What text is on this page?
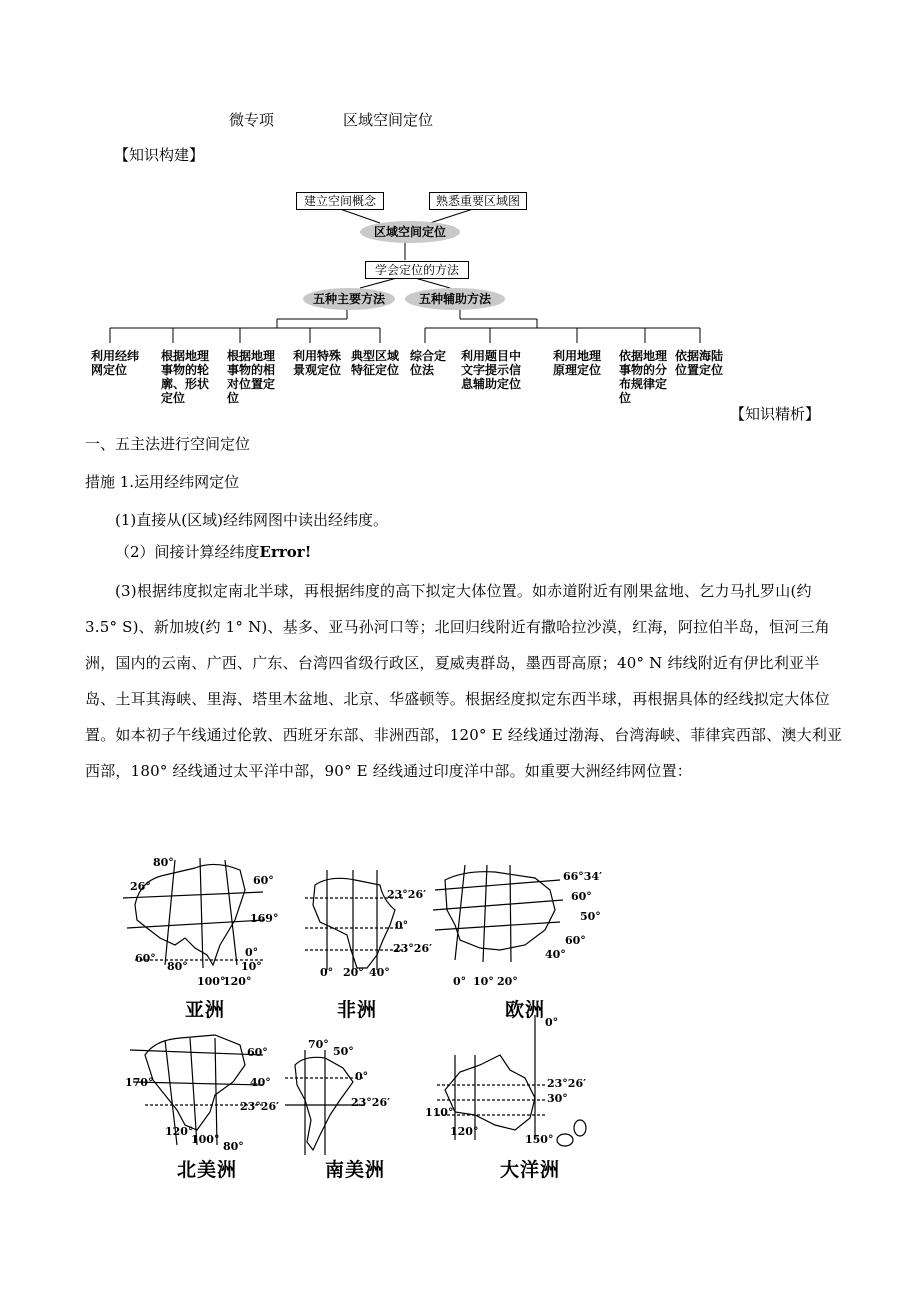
微专项	区域空间定位
【知识构建】
建立空间概念	熟悉重要区域图
区域空间定位
学会定位的方法
五种主要方法	五种辅助方法
利用经纬网定位
根据地理事物的轮廓、形状定位
根据地理事物的相对位置定位
利用特殊景观定位
典型区域特征定位
综合定位法
利用题目中文字提示信息辅助定位
利用地理原理定位
依据地理事物的分布规律定位
依据海陆位置定位
【知识精析】
一、五主法进行空间定位
措施 1.运用经纬网定位
(1)直接从(区域)经纬网图中读出经纬度。
（2）间接计算经纬度Error!
(3)根据纬度拟定南北半球，再根据纬度的高下拟定大体位置。如赤道附近有刚果盆地、乞力马扎罗山(约 3.5° S)、新加坡(约 1° N)、基多、亚马孙河口等；北回归线附近有撒哈拉沙漠，红海，阿拉伯半岛，恒河三角洲，国内的云南、广西、广东、台湾四省级行政区，夏威夷群岛，墨西哥高原；40° N 纬线附近有伊比利亚半岛、土耳其海峡、里海、塔里木盆地、北京、华盛顿等。根据经度拟定东西半球，再根据具体的经线拟定大体位置。如本初子午线通过伦敦、西班牙东部、非洲西部，120° E 经线通过渤海、台湾海峡、菲律宾西部、澳大利亚西部，180° 经线通过太平洋中部，90° E 经线通过印度洋中部。如重要大洲经纬网位置：
80°
26°	60°
169°
0°
10°
60°
80°
100°
120°
亚洲
23°26′
0°
23°26′
0° 20° 40°
非洲
66°34′
60°
50°
60°
40°
0° 10° 20°
欧洲
60°
170°	40°
23°26′
120°
100°
80°
北美洲
70°
50°
0°
23°26′
南美洲
0°
23°26′
30°
110°
120°
150°
大洋洲
